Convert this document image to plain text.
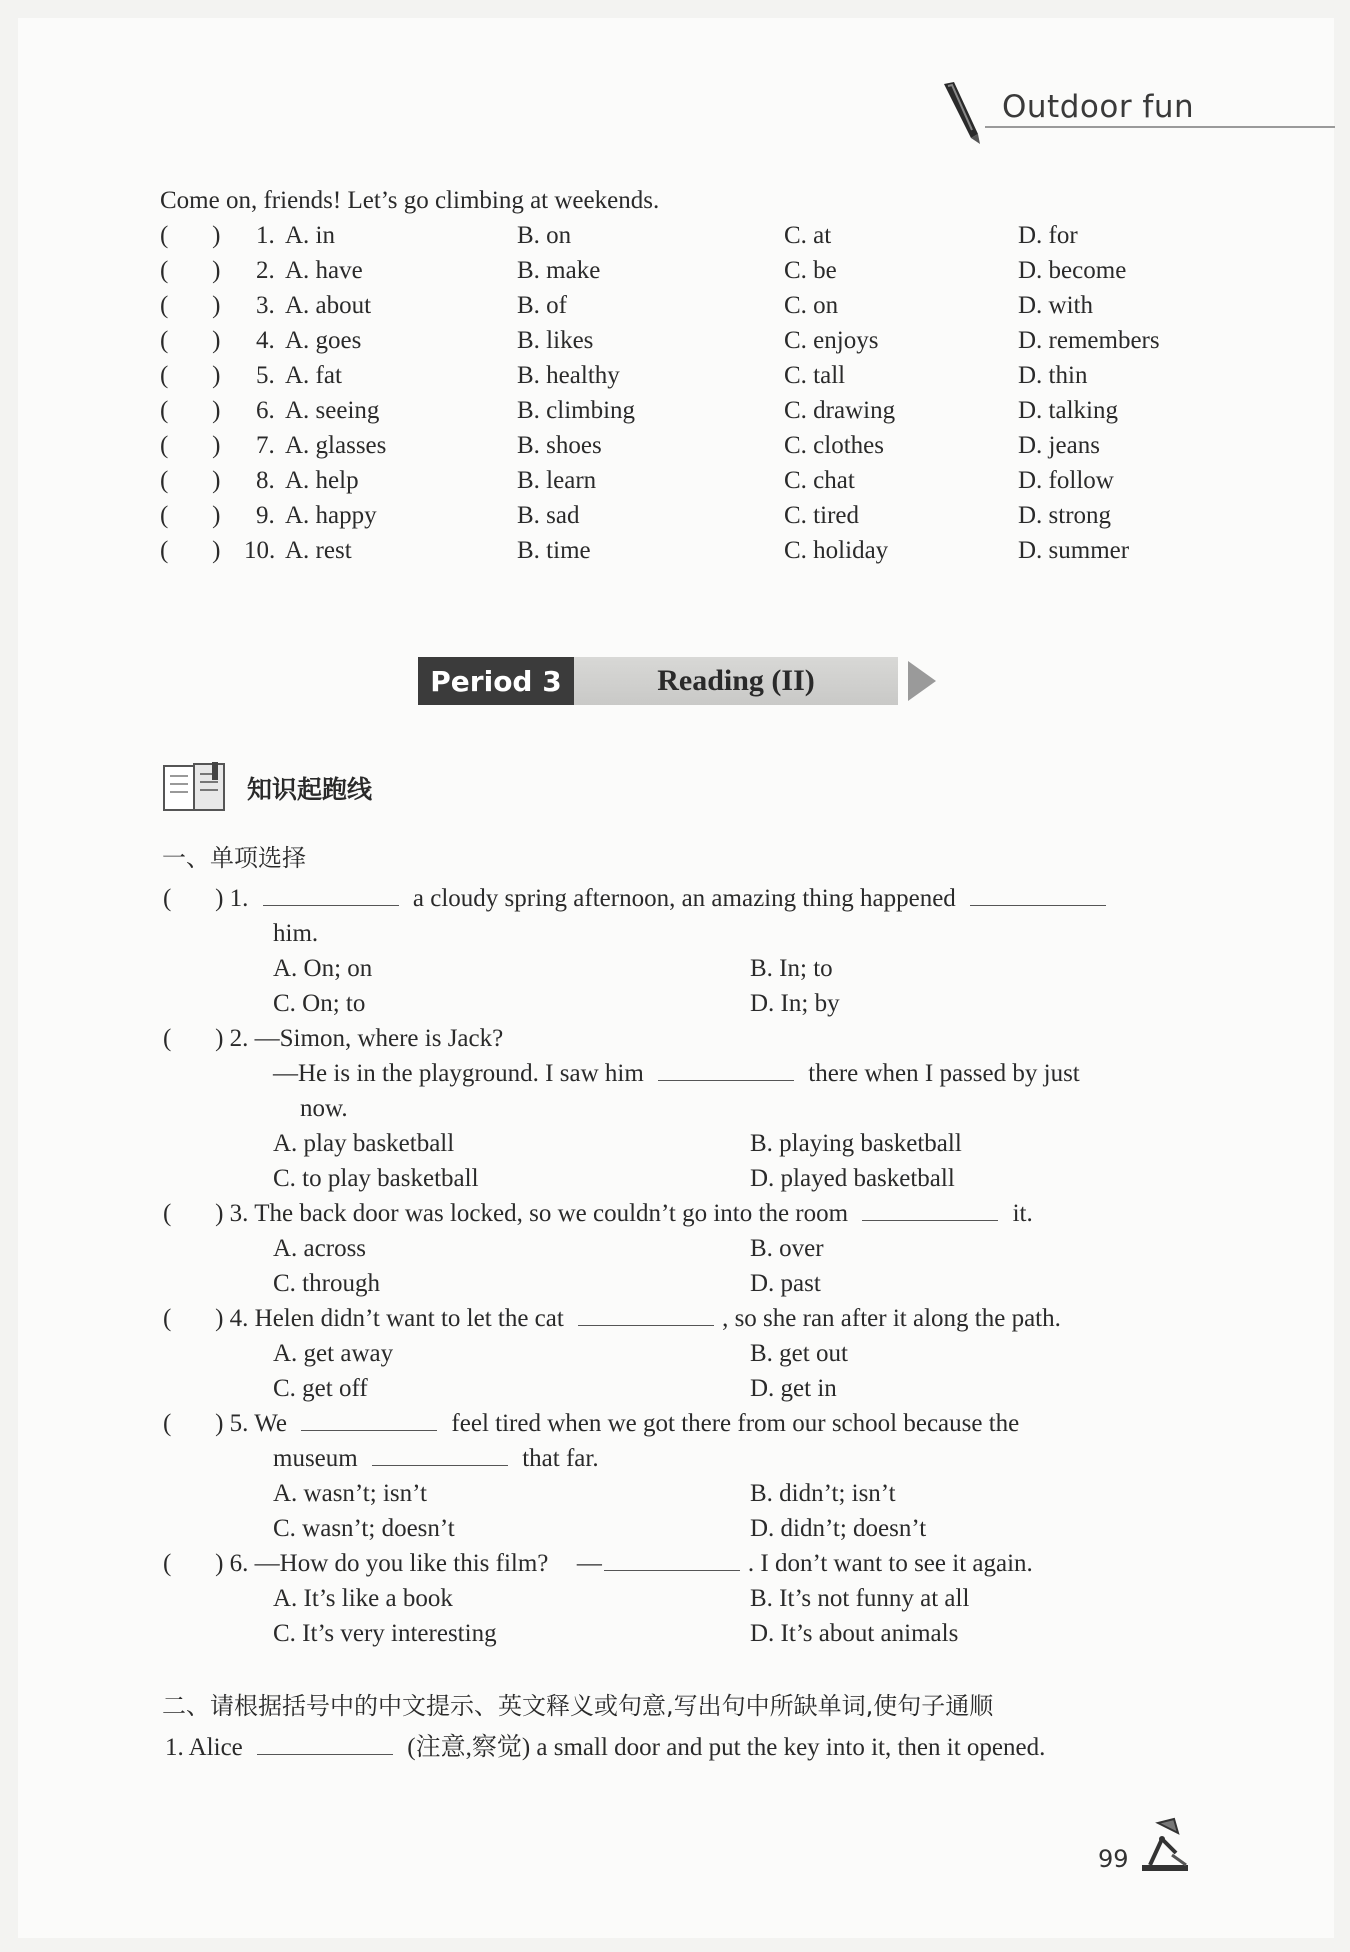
Outdoor fun
Come on, friends! Let’s go climbing at weekends.
(       ) 1. A. in	B. on	C. at	D. for
(       ) 2. A. have	B. make	C. be	D. become
(       ) 3. A. about	B. of	C. on	D. with
(       ) 4. A. goes	B. likes	C. enjoys	D. remembers
(       ) 5. A. fat	B. healthy	C. tall	D. thin
(       ) 6. A. seeing	B. climbing	C. drawing	D. talking
(       ) 7. A. glasses	B. shoes	C. clothes	D. jeans
(       ) 8. A. help	B. learn	C. chat	D. follow
(       ) 9. A. happy	B. sad	C. tired	D. strong
(       ) 10. A. rest	B. time	C. holiday	D. summer
Period 3	Reading (II)
知识起跑线
一、单项选择
(       ) 1.	a cloudy spring afternoon, an amazing thing happened
him.
A. On; on	B. In; to
C. On; to	D. In; by
(       ) 2. —Simon, where is Jack?
—He is in the playground. I saw him	there when I passed by just
now.
A. play basketball	B. playing basketball
C. to play basketball	D. played basketball
(       ) 3. The back door was locked, so we couldn’t go into the room	it.
A. across	B. over
C. through	D. past
(       ) 4. Helen didn’t want to let the cat	, so she ran after it along the path.
A. get away	B. get out
C. get off	D. get in
(       ) 5. We	feel tired when we got there from our school because the
museum	that far.
A. wasn’t; isn’t	B. didn’t; isn’t
C. wasn’t; doesn’t	D. didn’t; doesn’t
(       ) 6. —How do you like this film? —	. I don’t want to see it again.
A. It’s like a book	B. It’s not funny at all
C. It’s very interesting	D. It’s about animals
二、请根据括号中的中文提示、英文释义或句意,写出句中所缺单词,使句子通顺
1. Alice	(注意,察觉) a small door and put the key into it, then it opened.
99
